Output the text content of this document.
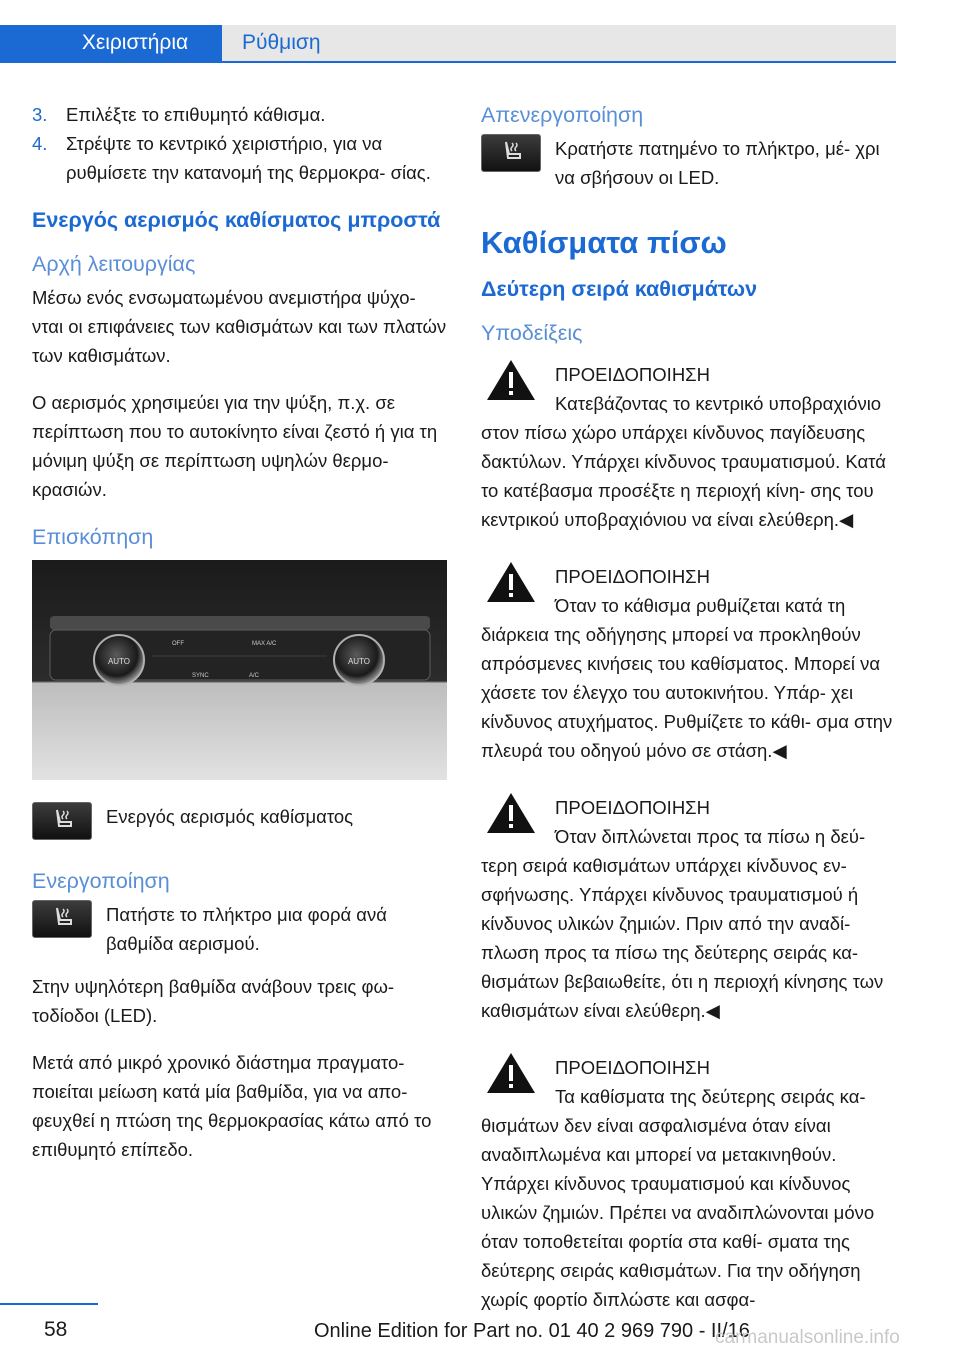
Χειριστήρια	Ρύθμιση
3.	Επιλέξτε το επιθυμητό κάθισμα.
4.	Στρέψτε το κεντρικό χειριστήριο, για να ρυθμίσετε την κατανομή της θερμοκρα‐ σίας.
Ενεργός αερισμός καθίσματος μπροστά
Αρχή λειτουργίας

Μέσω ενός ενσωματωμένου ανεμιστήρα ψύχο‐ νται οι επιφάνειες των καθισμάτων και των πλατών των καθισμάτων.

Ο αερισμός χρησιμεύει για την ψύξη, π.χ. σε περίπτωση που το αυτοκίνητο είναι ζεστό ή για τη μόνιμη ψύξη σε περίπτωση υψηλών θερμο‐ κρασιών.

Επισκόπηση
AUTO	AUTO
OFF	MAX A/C
SYNC	A/C
Ενεργός αερισμός καθίσματος
Ενεργοποίηση
Πατήστε το πλήκτρο μια φορά ανά βαθμίδα αερισμού.

Στην υψηλότερη βαθμίδα ανάβουν τρεις φω‐ τοδίοδοι (LED).

Μετά από μικρό χρονικό διάστημα πραγματο‐ ποιείται μείωση κατά μία βαθμίδα, για να απο‐ φευχθεί η πτώση της θερμοκρασίας κάτω από το επιθυμητό επίπεδο.

Απενεργοποίηση
Κρατήστε πατημένο το πλήκτρο, μέ‐ χρι να σβήσουν οι LED.
Καθίσματα πίσω
Δεύτερη σειρά καθισμάτων
Υποδείξεις
ΠΡΟΕΙΔΟΠΟΙΗΣΗ
Κατεβάζοντας το κεντρικό υποβραχιόνιο
στον πίσω χώρο υπάρχει κίνδυνος παγίδευσης δακτύλων. Υπάρχει κίνδυνος τραυματισμού. Κατά το κατέβασμα προσέξτε η περιοχή κίνη‐ σης του κεντρικού υποβραχιόνιου να είναι ελεύθερη.◀
ΠΡΟΕΙΔΟΠΟΙΗΣΗ
Όταν το κάθισμα ρυθμίζεται κατά τη
διάρκεια της οδήγησης μπορεί να προκληθούν απρόσμενες κινήσεις του καθίσματος. Μπορεί να χάσετε τον έλεγχο του αυτοκινήτου. Υπάρ‐ χει κίνδυνος ατυχήματος. Ρυθμίζετε το κάθι‐ σμα στην πλευρά του οδηγού μόνο σε στάση.◀
ΠΡΟΕΙΔΟΠΟΙΗΣΗ
Όταν διπλώνεται προς τα πίσω η δεύ‐
τερη σειρά καθισμάτων υπάρχει κίνδυνος εν‐ σφήνωσης. Υπάρχει κίνδυνος τραυματισμού ή κίνδυνος υλικών ζημιών. Πριν από την αναδί‐ πλωση προς τα πίσω της δεύτερης σειράς κα‐ θισμάτων βεβαιωθείτε, ότι η περιοχή κίνησης των καθισμάτων είναι ελεύθερη.◀
ΠΡΟΕΙΔΟΠΟΙΗΣΗ
Τα καθίσματα της δεύτερης σειράς κα‐
θισμάτων δεν είναι ασφαλισμένα όταν είναι αναδιπλωμένα και μπορεί να μετακινηθούν. Υπάρχει κίνδυνος τραυματισμού και κίνδυνος υλικών ζημιών. Πρέπει να αναδιπλώνονται μόνο όταν τοποθετείται φορτία στα καθί‐ σματα της δεύτερης σειράς καθισμάτων. Για την οδήγηση χωρίς φορτίο διπλώστε και ασφα‐
58	Online Edition for Part no. 01 40 2 969 790 - II/16
carmanualsonline.info
